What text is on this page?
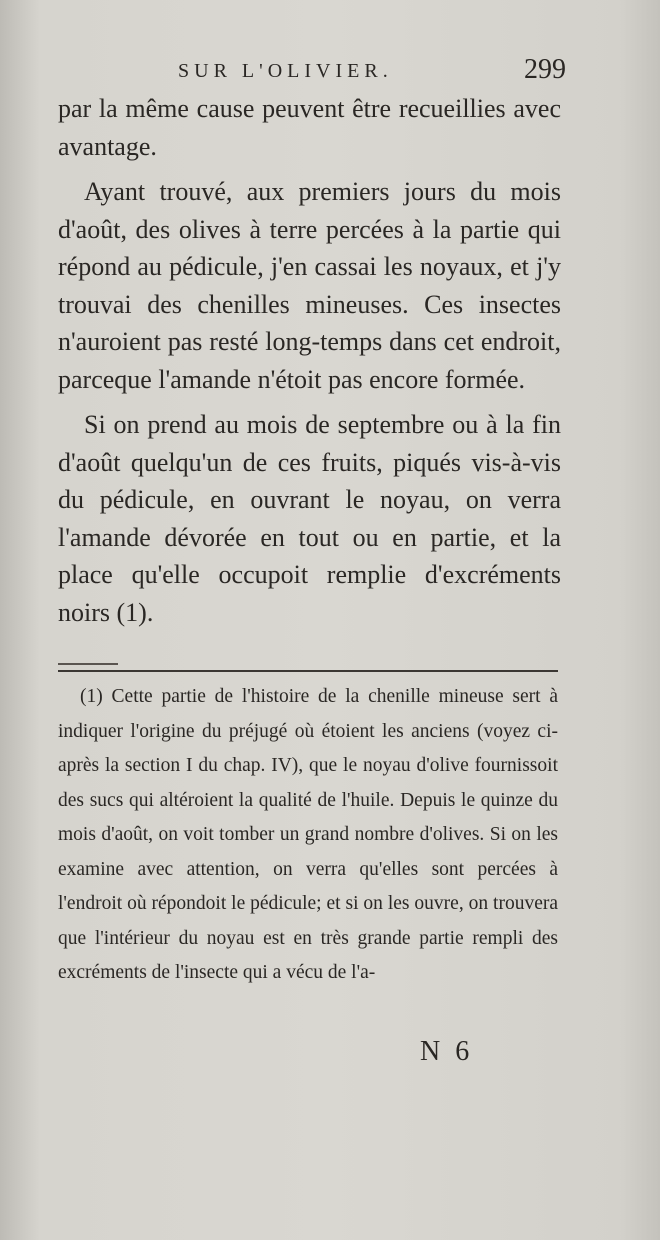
SUR L'OLIVIER.	299

par la même cause peuvent être recueillies avec avantage.

Ayant trouvé, aux premiers jours du mois d'août, des olives à terre percées à la partie qui répond au pédicule, j'en cassai les noyaux, et j'y trouvai des chenilles mineuses. Ces insectes n'auroient pas resté long-temps dans cet endroit, parceque l'amande n'étoit pas encore formée.

Si on prend au mois de septembre ou à la fin d'août quelqu'un de ces fruits, piqués vis-à-vis du pédicule, en ouvrant le noyau, on verra l'amande dévorée en tout ou en partie, et la place qu'elle occupoit remplie d'excréments noirs (1).

(1) Cette partie de l'histoire de la chenille mineuse sert à indiquer l'origine du préjugé où étoient les anciens (voyez ci-après la section I du chap. IV), que le noyau d'olive fournissoit des sucs qui altéroient la qualité de l'huile. Depuis le quinze du mois d'août, on voit tomber un grand nombre d'olives. Si on les examine avec attention, on verra qu'elles sont percées à l'endroit où répondoit le pédicule; et si on les ouvre, on trouvera que l'intérieur du noyau est en très grande partie rempli des excréments de l'insecte qui a vécu de l'a-

N 6
